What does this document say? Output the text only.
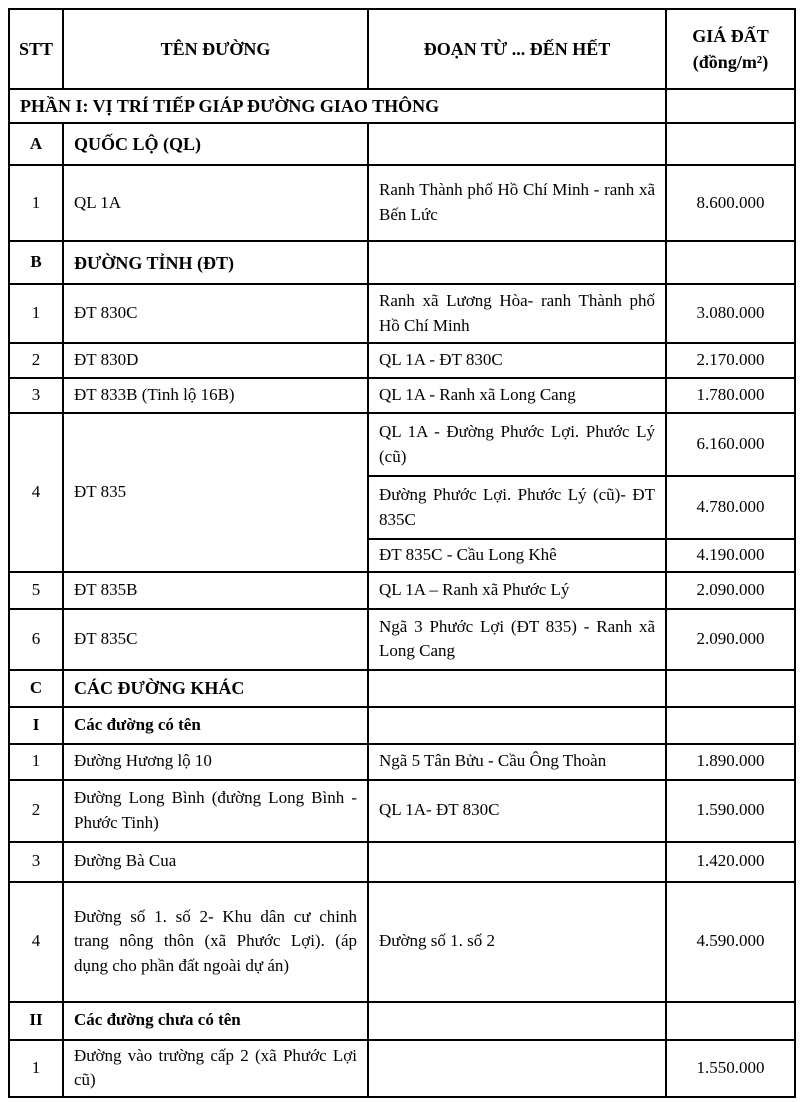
STT	TÊN ĐƯỜNG	ĐOẠN TỪ ... ĐẾN HẾT	GIÁ ĐẤT
(đồng/m²)

PHẦN I: VỊ TRÍ TIẾP GIÁP ĐƯỜNG GIAO THÔNG			
A	QUỐC LỘ (QL)		
1	QL 1A	Ranh Thành phố Hồ Chí Minh - ranh xã Bến Lức	8.600.000
B	ĐƯỜNG TỈNH (ĐT)		
1	ĐT 830C	Ranh xã Lương Hòa- ranh Thành phố Hồ Chí Minh	3.080.000
2	ĐT 830D	QL 1A - ĐT 830C	2.170.000
3	ĐT 833B (Tinh lộ 16B)	QL 1A - Ranh xã Long Cang	1.780.000
4	ĐT 835	QL 1A - Đường Phước Lợi. Phước Lý (cũ)	6.160.000
		Đường Phước Lợi. Phước Lý (cũ)- ĐT 835C	4.780.000
		ĐT 835C - Cầu Long Khê	4.190.000
5	ĐT 835B	QL 1A – Ranh xã Phước Lý	2.090.000
6	ĐT 835C	Ngã 3 Phước Lợi (ĐT 835) - Ranh xã Long Cang	2.090.000
C	CÁC ĐƯỜNG KHÁC		
I	Các đường có tên		
1	Đường Hương lộ 10	Ngã 5 Tân Bửu - Cầu Ông Thoàn	1.890.000
2	Đường Long Bình (đường Long Bình - Phước Tinh)	QL 1A- ĐT 830C	1.590.000
3	Đường Bà Cua		1.420.000
4	Đường số 1. số 2- Khu dân cư chinh trang nông thôn (xã Phước Lợi). (áp dụng cho phần đất ngoài dự án)	Đường số 1. số 2	4.590.000
II	Các đường chưa có tên		
1	Đường vào trường cấp 2 (xã Phước Lợi cũ)		1.550.000
